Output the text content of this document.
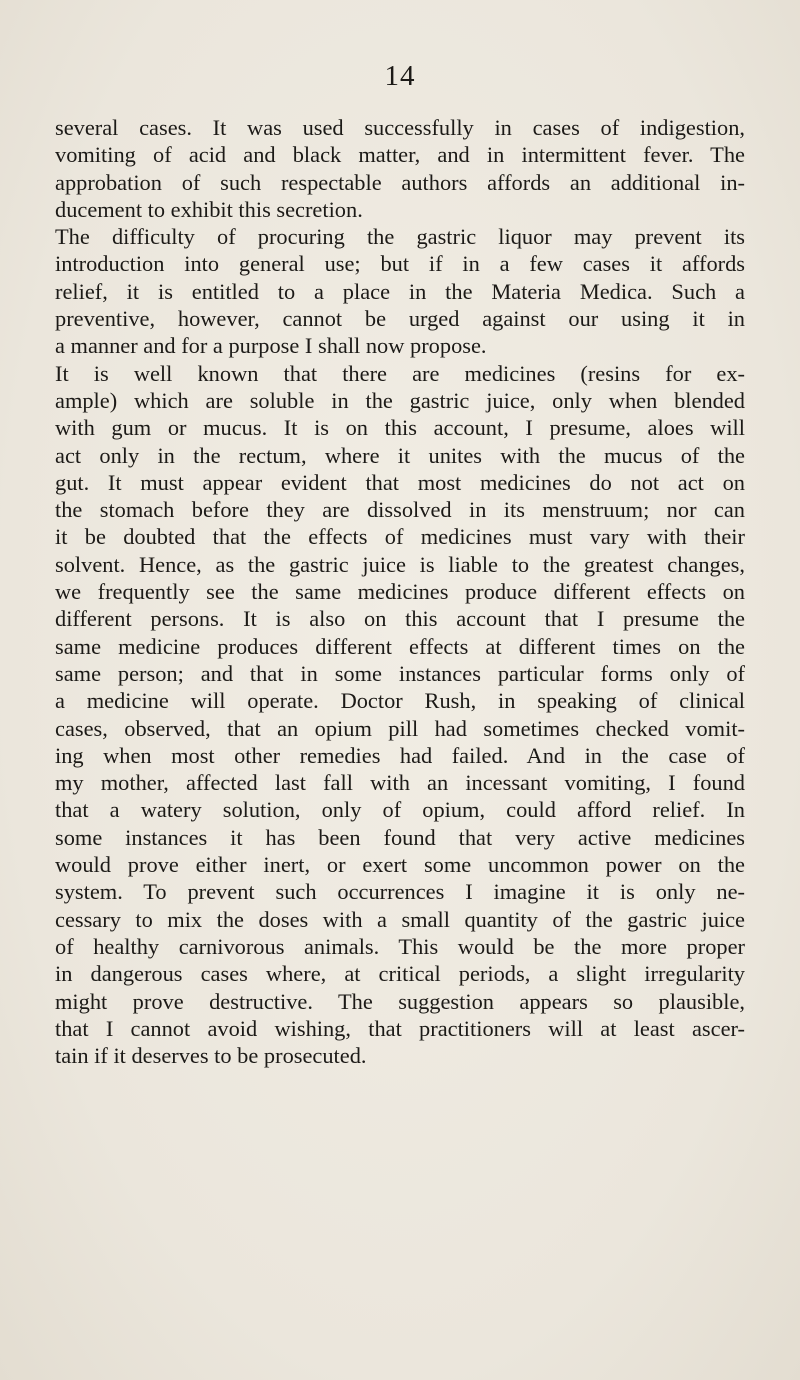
14
several cases. It was used successfully in cases of indigestion,
vomiting of acid and black matter, and in intermittent fever. The
approbation of such respectable authors affords an additional in-
ducement to exhibit this secretion.
The difficulty of procuring the gastric liquor may prevent its
introduction into general use; but if in a few cases it affords
relief, it is entitled to a place in the Materia Medica. Such a
preventive, however, cannot be urged against our using it in
a manner and for a purpose I shall now propose.
It is well known that there are medicines (resins for ex-
ample) which are soluble in the gastric juice, only when blended
with gum or mucus. It is on this account, I presume, aloes will
act only in the rectum, where it unites with the mucus of the
gut. It must appear evident that most medicines do not act on
the stomach before they are dissolved in its menstruum; nor can
it be doubted that the effects of medicines must vary with their
solvent. Hence, as the gastric juice is liable to the greatest changes,
we frequently see the same medicines produce different effects on
different persons. It is also on this account that I presume the
same medicine produces different effects at different times on the
same person; and that in some instances particular forms only of
a medicine will operate. Doctor Rush, in speaking of clinical
cases, observed, that an opium pill had sometimes checked vomit-
ing when most other remedies had failed. And in the case of
my mother, affected last fall with an incessant vomiting, I found
that a watery solution, only of opium, could afford relief. In
some instances it has been found that very active medicines
would prove either inert, or exert some uncommon power on the
system. To prevent such occurrences I imagine it is only ne-
cessary to mix the doses with a small quantity of the gastric juice
of healthy carnivorous animals. This would be the more proper
in dangerous cases where, at critical periods, a slight irregularity
might prove destructive. The suggestion appears so plausible,
that I cannot avoid wishing, that practitioners will at least ascer-
tain if it deserves to be prosecuted.
